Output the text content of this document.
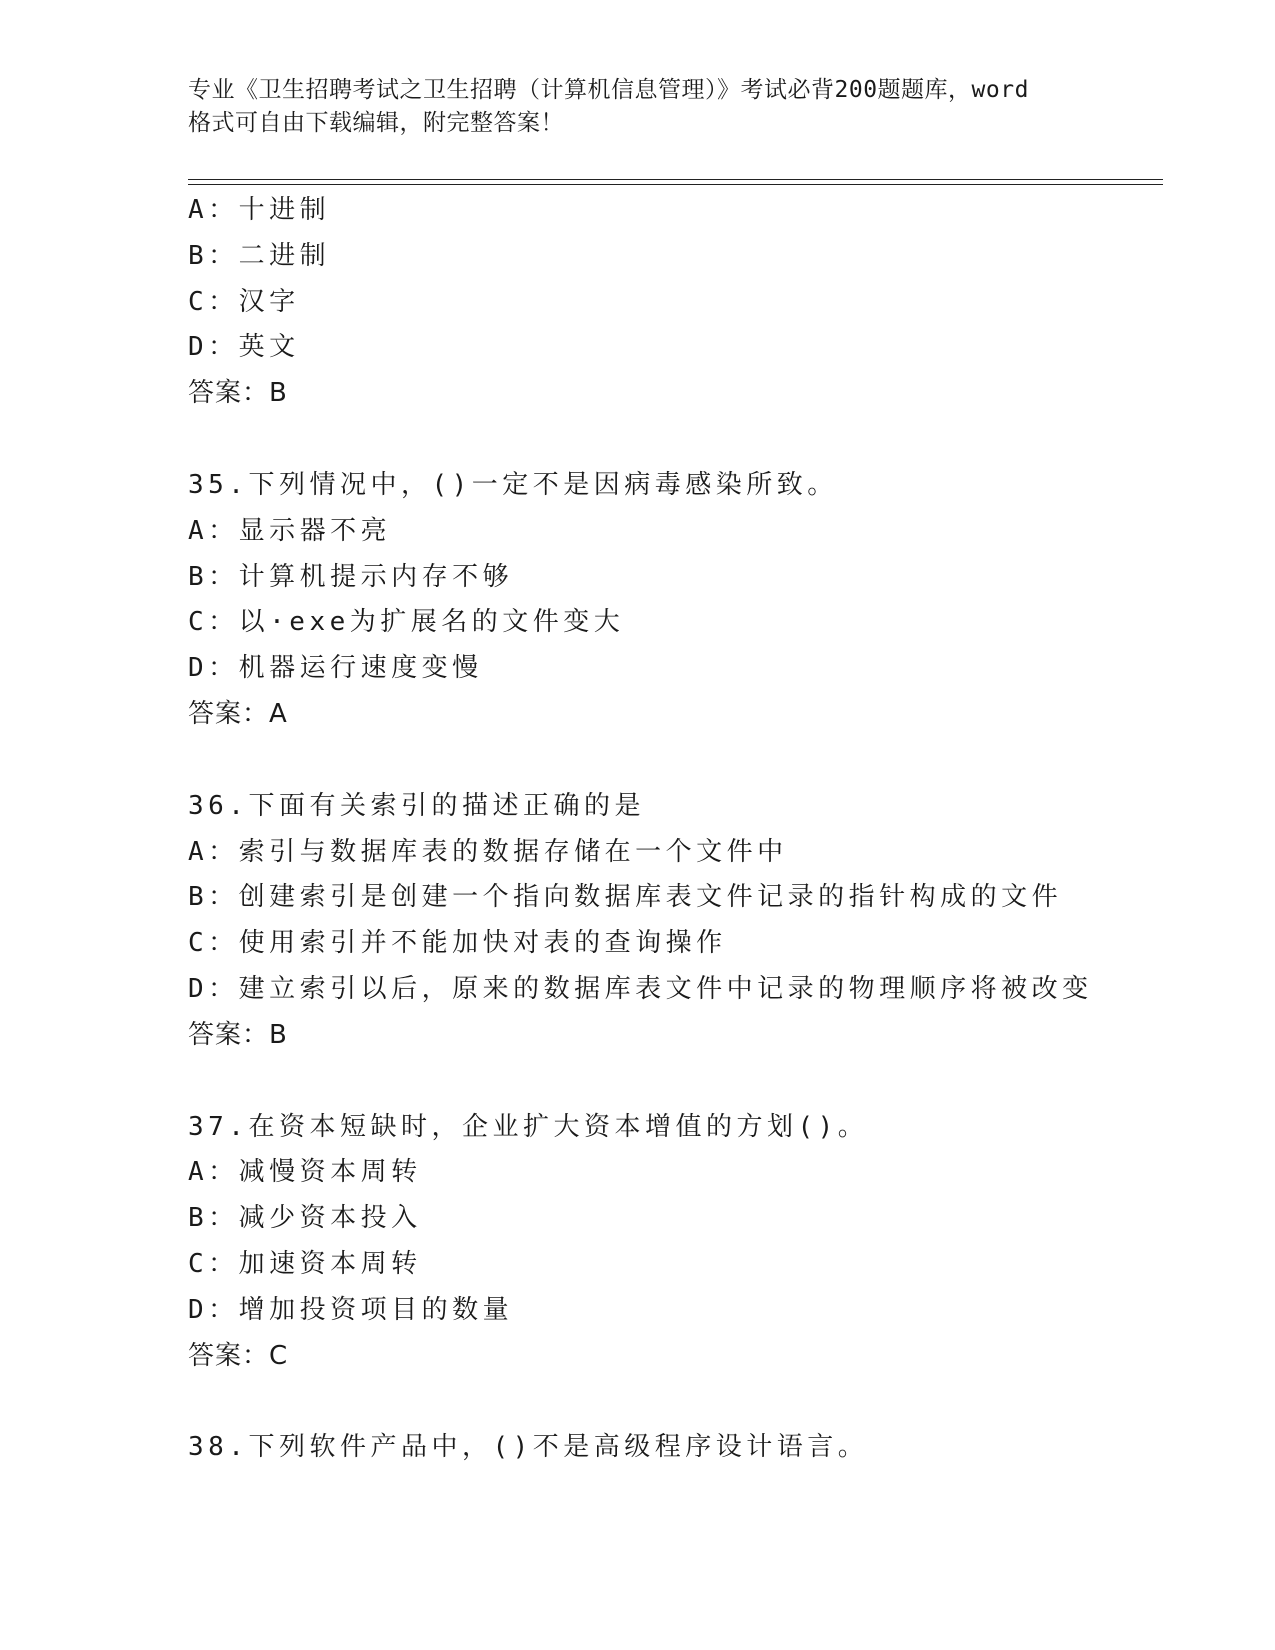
专业《卫生招聘考试之卫生招聘（计算机信息管理）》考试必背200题题库，word
格式可自由下载编辑，附完整答案！
A：十进制
B：二进制
C：汉字
D：英文
答案：B
35.下列情况中，()一定不是因病毒感染所致。
A：显示器不亮
B：计算机提示内存不够
C：以·exe为扩展名的文件变大
D：机器运行速度变慢
答案：A
36.下面有关索引的描述正确的是
A：索引与数据库表的数据存储在一个文件中
B：创建索引是创建一个指向数据库表文件记录的指针构成的文件
C：使用索引并不能加快对表的查询操作
D：建立索引以后，原来的数据库表文件中记录的物理顺序将被改变
答案：B
37.在资本短缺时，企业扩大资本增值的方划()。
A：减慢资本周转
B：减少资本投入
C：加速资本周转
D：增加投资项目的数量
答案：C
38.下列软件产品中，()不是高级程序设计语言。
